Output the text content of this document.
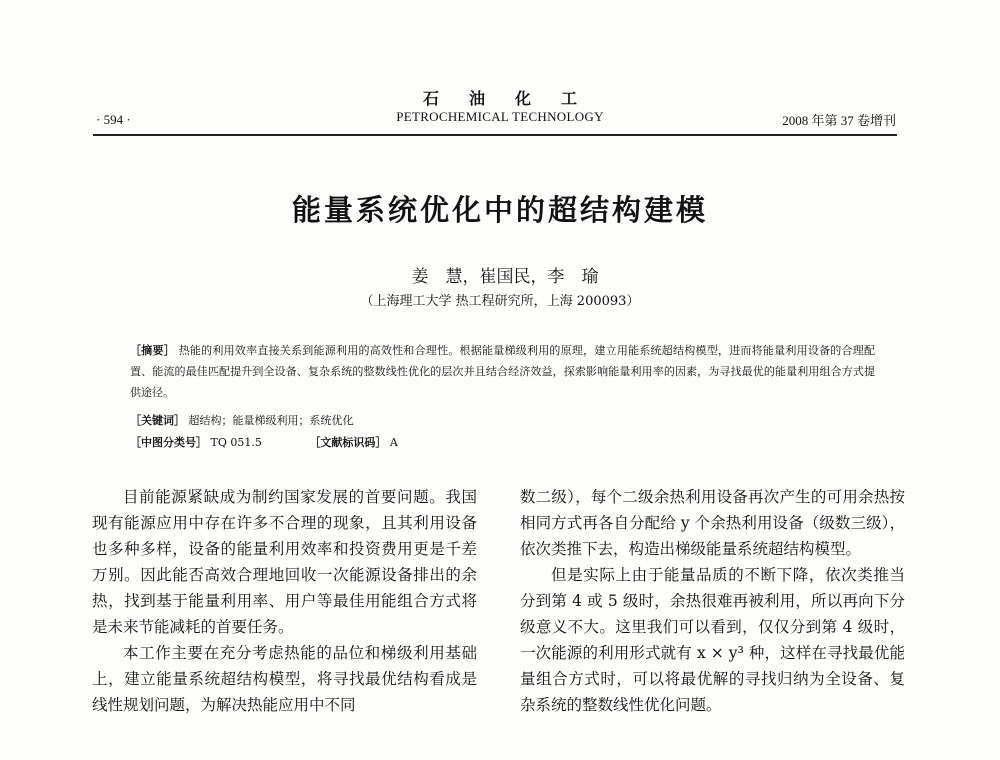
石油化工
PETROCHEMICAL TECHNOLOGY
· 594 ·	2008 年第 37 卷增刊
能量系统优化中的超结构建模
姜　慧，崔国民，李　瑜
（上海理工大学 热工程研究所，上海 200093）
［摘要］ 热能的利用效率直接关系到能源利用的高效性和合理性。根据能量梯级利用的原理，建立用能系统超结构模型，进而将能量利用设备的合理配置、能流的最佳匹配提升到全设备、复杂系统的整数线性优化的层次并且结合经济效益，探索影响能量利用率的因素，为寻找最优的能量利用组合方式提供途径。
［关键词］ 超结构；能量梯级利用；系统优化
［中图分类号］ TQ 051.5	［文献标识码］ A

目前能源紧缺成为制约国家发展的首要问题。我国现有能源应用中存在许多不合理的现象，且其利用设备也多种多样，设备的能量利用效率和投资费用更是千差万别。因此能否高效合理地回收一次能源设备排出的余热，找到基于能量利用率、用户等最佳用能组合方式将是未来节能减耗的首要任务。

本工作主要在充分考虑热能的品位和梯级利用基础上，建立能量系统超结构模型，将寻找最优结构看成是线性规划问题，为解决热能应用中不同

数二级），每个二级余热利用设备再次产生的可用余热按相同方式再各自分配给 y 个余热利用设备（级数三级），依次类推下去，构造出梯级能量系统超结构模型。

但是实际上由于能量品质的不断下降，依次类推当分到第 4 或 5 级时，余热很难再被利用，所以再向下分级意义不大。这里我们可以看到，仅仅分到第 4 级时，一次能源的利用形式就有 x × y³ 种，这样在寻找最优能量组合方式时，可以将最优解的寻找归纳为全设备、复杂系统的整数线性优化问题。
